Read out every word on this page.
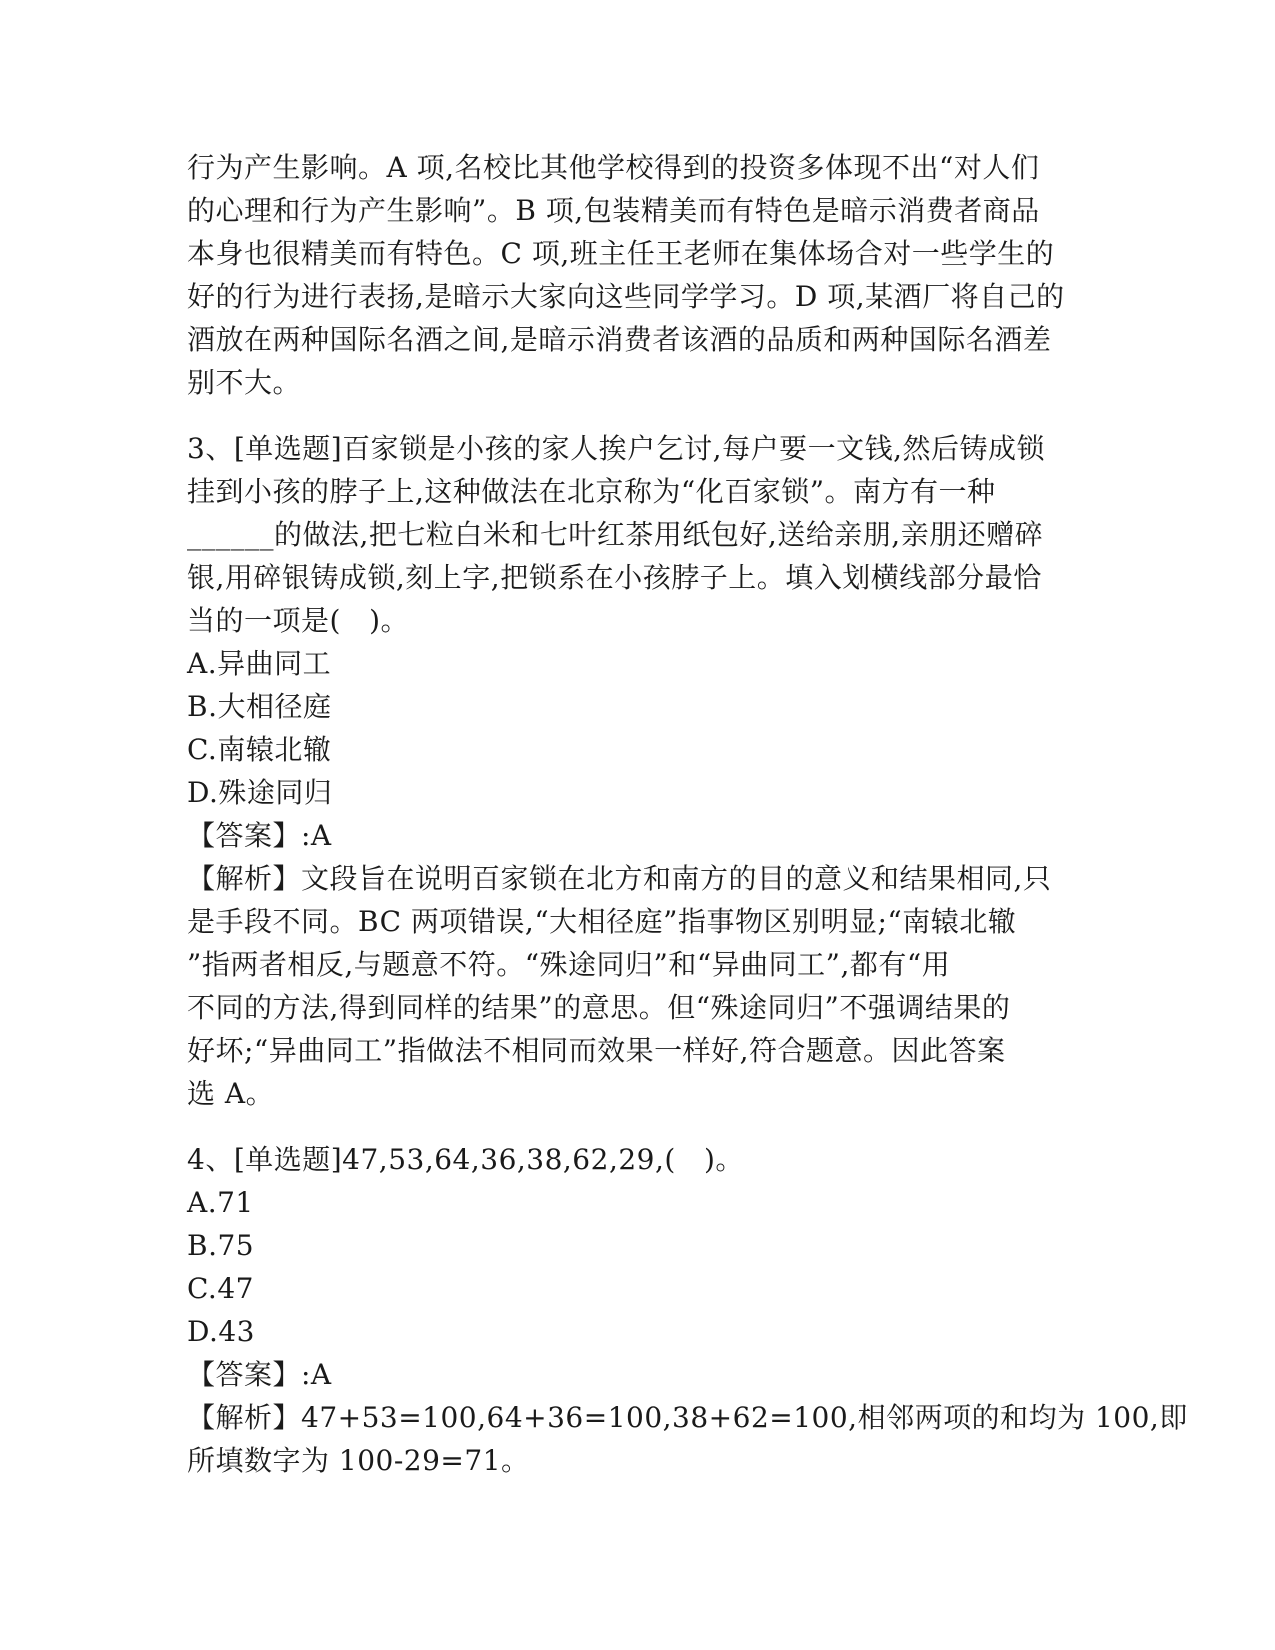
行为产生影响。A 项,名校比其他学校得到的投资多体现不出“对人们
的心理和行为产生影响”。B 项,包装精美而有特色是暗示消费者商品
本身也很精美而有特色。C 项,班主任王老师在集体场合对一些学生的
好的行为进行表扬,是暗示大家向这些同学学习。D 项,某酒厂将自己的
酒放在两种国际名酒之间,是暗示消费者该酒的品质和两种国际名酒差
别不大。
3、[单选题]百家锁是小孩的家人挨户乞讨,每户要一文钱,然后铸成锁
挂到小孩的脖子上,这种做法在北京称为“化百家锁”。南方有一种
______的做法,把七粒白米和七叶红茶用纸包好,送给亲朋,亲朋还赠碎
银,用碎银铸成锁,刻上字,把锁系在小孩脖子上。填入划横线部分最恰
当的一项是(   )。
A.异曲同工
B.大相径庭
C.南辕北辙
D.殊途同归
【答案】:A
【解析】文段旨在说明百家锁在北方和南方的目的意义和结果相同,只
是手段不同。BC 两项错误,“大相径庭”指事物区别明显;“南辕北辙
”指两者相反,与题意不符。“殊途同归”和“异曲同工”,都有“用
不同的方法,得到同样的结果”的意思。但“殊途同归”不强调结果的
好坏;“异曲同工”指做法不相同而效果一样好,符合题意。因此答案
选 A。
4、[单选题]47,53,64,36,38,62,29,(   )。
A.71
B.75
C.47
D.43
【答案】:A
【解析】47+53=100,64+36=100,38+62=100,相邻两项的和均为 100,即
所填数字为 100-29=71。
